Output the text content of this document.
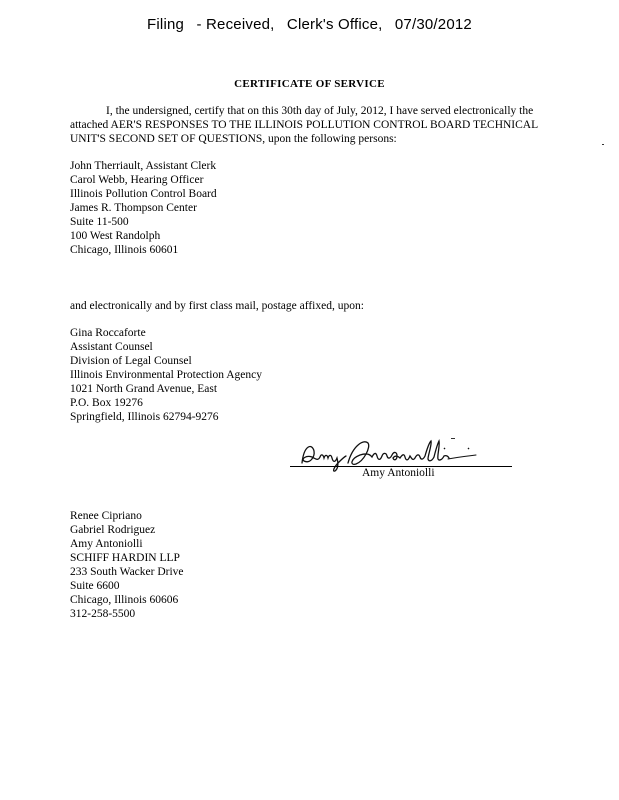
Filing - Received, Clerk's Office, 07/30/2012
CERTIFICATE OF SERVICE
I, the undersigned, certify that on this 30th day of July, 2012, I have served electronically the attached AER'S RESPONSES TO THE ILLINOIS POLLUTION CONTROL BOARD TECHNICAL UNIT'S SECOND SET OF QUESTIONS, upon the following persons:
John Therriault, Assistant Clerk
Carol Webb, Hearing Officer
Illinois Pollution Control Board
James R. Thompson Center
Suite 11-500
100 West Randolph
Chicago, Illinois 60601
and electronically and by first class mail, postage affixed, upon:
Gina Roccaforte
Assistant Counsel
Division of Legal Counsel
Illinois Environmental Protection Agency
1021 North Grand Avenue, East
P.O. Box 19276
Springfield, Illinois 62794-9276
Amy Antoniolli
Renee Cipriano
Gabriel Rodriguez
Amy Antoniolli
SCHIFF HARDIN LLP
233 South Wacker Drive
Suite 6600
Chicago, Illinois 60606
312-258-5500
